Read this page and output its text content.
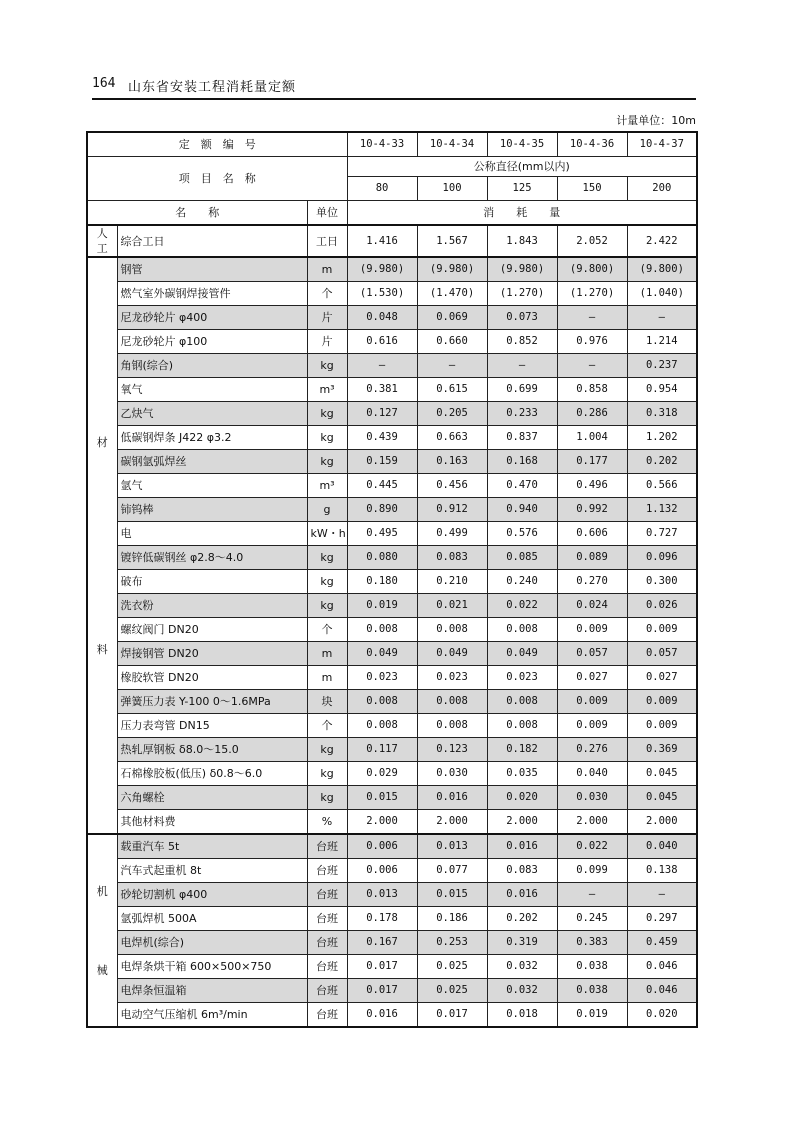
164 山东省安装工程消耗量定额
计量单位：10m
定　额　编　号			10-4-33	10-4-34	10-4-35	10-4-36	10-4-37
项　目　名　称			公称直径(mm以内)				
			80	100	125	150	200
名　　称		单位	消　　耗　　量				

人
工	综合工日	工日	1.416	1.567	1.843	2.052	2.422

材
料	钢管	m	(9.980)	(9.980)	(9.980)	(9.800)	(9.800)
	燃气室外碳钢焊接管件	个	(1.530)	(1.470)	(1.270)	(1.270)	(1.040)
	尼龙砂轮片 φ400	片	0.048	0.069	0.073	—	—
	尼龙砂轮片 φ100	片	0.616	0.660	0.852	0.976	1.214
	角钢(综合)	kg	—	—	—	—	0.237
	氧气	m³	0.381	0.615	0.699	0.858	0.954
	乙炔气	kg	0.127	0.205	0.233	0.286	0.318
	低碳钢焊条 J422 φ3.2	kg	0.439	0.663	0.837	1.004	1.202
	碳钢氩弧焊丝	kg	0.159	0.163	0.168	0.177	0.202
	氩气	m³	0.445	0.456	0.470	0.496	0.566
	铈钨棒	g	0.890	0.912	0.940	0.992	1.132
	电	kW・h	0.495	0.499	0.576	0.606	0.727
	镀锌低碳钢丝 φ2.8～4.0	kg	0.080	0.083	0.085	0.089	0.096
	破布	kg	0.180	0.210	0.240	0.270	0.300
	洗衣粉	kg	0.019	0.021	0.022	0.024	0.026
	螺纹阀门 DN20	个	0.008	0.008	0.008	0.009	0.009
	焊接钢管 DN20	m	0.049	0.049	0.049	0.057	0.057
	橡胶软管 DN20	m	0.023	0.023	0.023	0.027	0.027
	弹簧压力表 Y-100 0～1.6MPa	块	0.008	0.008	0.008	0.009	0.009
	压力表弯管 DN15	个	0.008	0.008	0.008	0.009	0.009
	热轧厚钢板 δ8.0～15.0	kg	0.117	0.123	0.182	0.276	0.369
	石棉橡胶板(低压) δ0.8～6.0	kg	0.029	0.030	0.035	0.040	0.045
	六角螺栓	kg	0.015	0.016	0.020	0.030	0.045
	其他材料费	%	2.000	2.000	2.000	2.000	2.000

机
械	载重汽车 5t	台班	0.006	0.013	0.016	0.022	0.040
	汽车式起重机 8t	台班	0.006	0.077	0.083	0.099	0.138
	砂轮切割机 φ400	台班	0.013	0.015	0.016	—	—
	氩弧焊机 500A	台班	0.178	0.186	0.202	0.245	0.297
	电焊机(综合)	台班	0.167	0.253	0.319	0.383	0.459
	电焊条烘干箱 600×500×750	台班	0.017	0.025	0.032	0.038	0.046
	电焊条恒温箱	台班	0.017	0.025	0.032	0.038	0.046
	电动空气压缩机 6m³/min	台班	0.016	0.017	0.018	0.019	0.020
